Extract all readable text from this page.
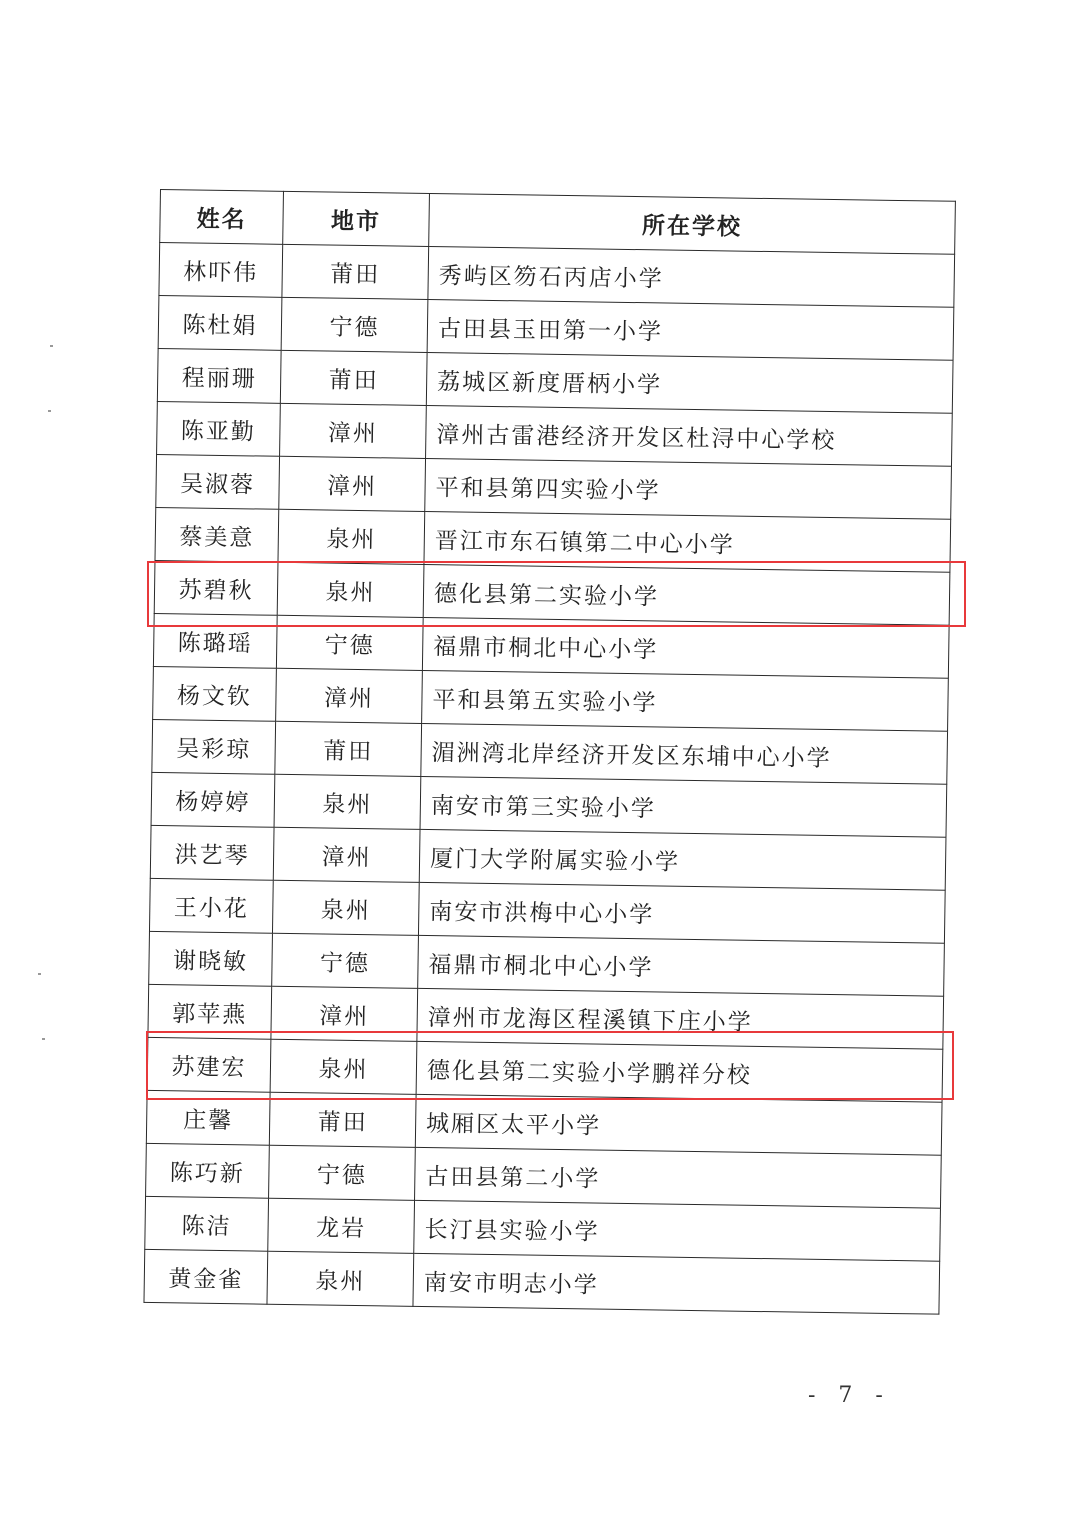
姓名	地市	所在学校
林吓伟	莆田	秀屿区笏石丙店小学
陈杜娟	宁德	古田县玉田第一小学
程丽珊	莆田	荔城区新度厝柄小学
陈亚勤	漳州	漳州古雷港经济开发区杜浔中心学校
吴淑蓉	漳州	平和县第四实验小学
蔡美意	泉州	晋江市东石镇第二中心小学
苏碧秋	泉州	德化县第二实验小学
陈璐瑶	宁德	福鼎市桐北中心小学
杨文钦	漳州	平和县第五实验小学
吴彩琼	莆田	湄洲湾北岸经济开发区东埔中心小学
杨婷婷	泉州	南安市第三实验小学
洪艺琴	漳州	厦门大学附属实验小学
王小花	泉州	南安市洪梅中心小学
谢晓敏	宁德	福鼎市桐北中心小学
郭苹燕	漳州	漳州市龙海区程溪镇下庄小学
苏建宏	泉州	德化县第二实验小学鹏祥分校
庄馨	莆田	城厢区太平小学
陈巧新	宁德	古田县第二小学
陈洁	龙岩	长汀县实验小学
黄金雀	泉州	南安市明志小学
- 7 -
